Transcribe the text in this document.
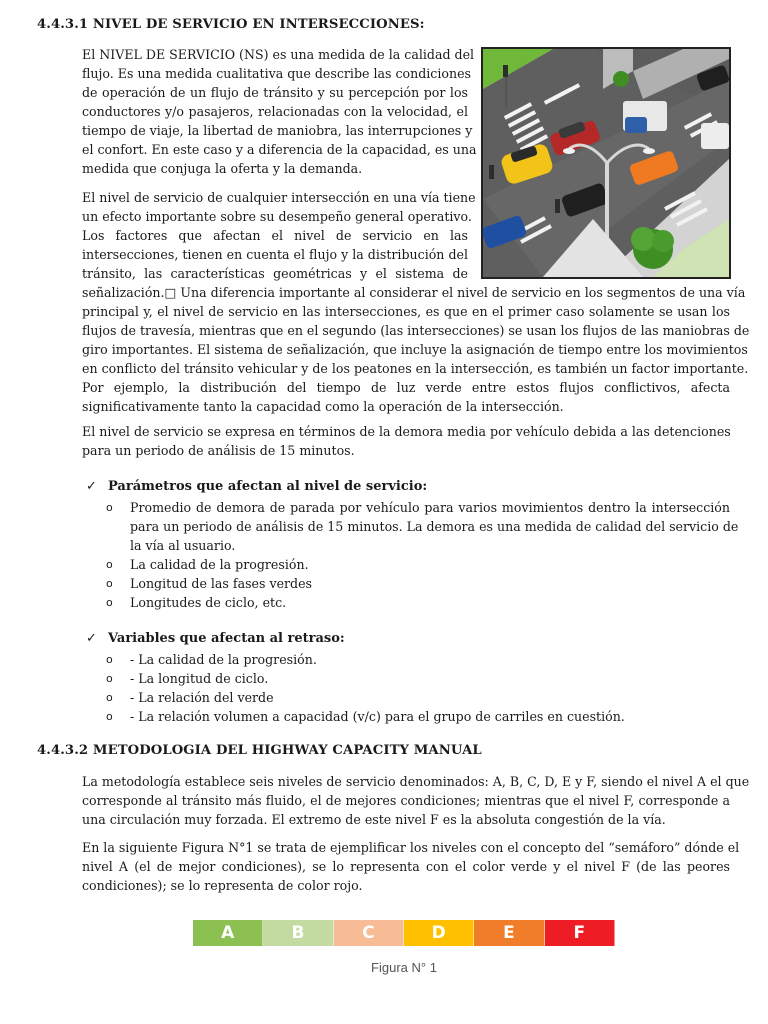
4.4.3.1 NIVEL DE SERVICIO EN INTERSECCIONES:
El NIVEL DE SERVICIO (NS) es una medida de la calidad del
flujo. Es una medida cualitativa que describe las condiciones
de operación de un flujo de tránsito y su percepción por los
conductores y/o pasajeros, relacionadas con la velocidad, el
tiempo de viaje, la libertad de maniobra, las interrupciones y
el confort. En este caso y a diferencia de la capacidad, es una
medida que conjuga la oferta y la demanda.
El nivel de servicio de cualquier intersección en una vía tiene
un efecto importante sobre su desempeño general operativo.
Los factores que afectan el nivel de servicio en las
intersecciones, tienen en cuenta el flujo y la distribución del
tránsito, las características geométricas y el sistema de
señalización.□ Una diferencia importante al considerar el nivel de servicio en los segmentos de una vía
principal y, el nivel de servicio en las intersecciones, es que en el primer caso solamente se usan los
flujos de travesía, mientras que en el segundo (las intersecciones) se usan los flujos de las maniobras de
giro importantes. El sistema de señalización, que incluye la asignación de tiempo entre los movimientos
en conflicto del tránsito vehicular y de los peatones en la intersección, es también un factor importante.
Por ejemplo, la distribución del tiempo de luz verde entre estos flujos conflictivos, afecta
significativamente tanto la capacidad como la operación de la intersección.
El nivel de servicio se expresa en términos de la demora media por vehículo debida a las detenciones
para un periodo de análisis de 15 minutos.
✓ Parámetros que afectan al nivel de servicio:
o Promedio de demora de parada por vehículo para varios movimientos dentro la intersección
para un periodo de análisis de 15 minutos. La demora es una medida de calidad del servicio de
la vía al usuario.
o La calidad de la progresión.
o Longitud de las fases verdes
o Longitudes de ciclo, etc.
✓ Variables que afectan al retraso:
o - La calidad de la progresión.
o - La longitud de ciclo.
o - La relación del verde
o - La relación volumen a capacidad (v/c) para el grupo de carriles en cuestión.
4.4.3.2 METODOLOGIA DEL HIGHWAY CAPACITY MANUAL
La metodología establece seis niveles de servicio denominados: A, B, C, D, E y F, siendo el nivel A el que
corresponde al tránsito más fluido, el de mejores condiciones; mientras que el nivel F, corresponde a
una circulación muy forzada. El extremo de este nivel F es la absoluta congestión de la vía.
En la siguiente Figura N°1 se trata de ejemplificar los niveles con el concepto del “semáforo” dónde el
nivel A (el de mejor condiciones), se lo representa con el color verde y el nivel F (de las peores
condiciones); se lo representa de color rojo.
A	B	C	D	E	F
Figura N° 1
